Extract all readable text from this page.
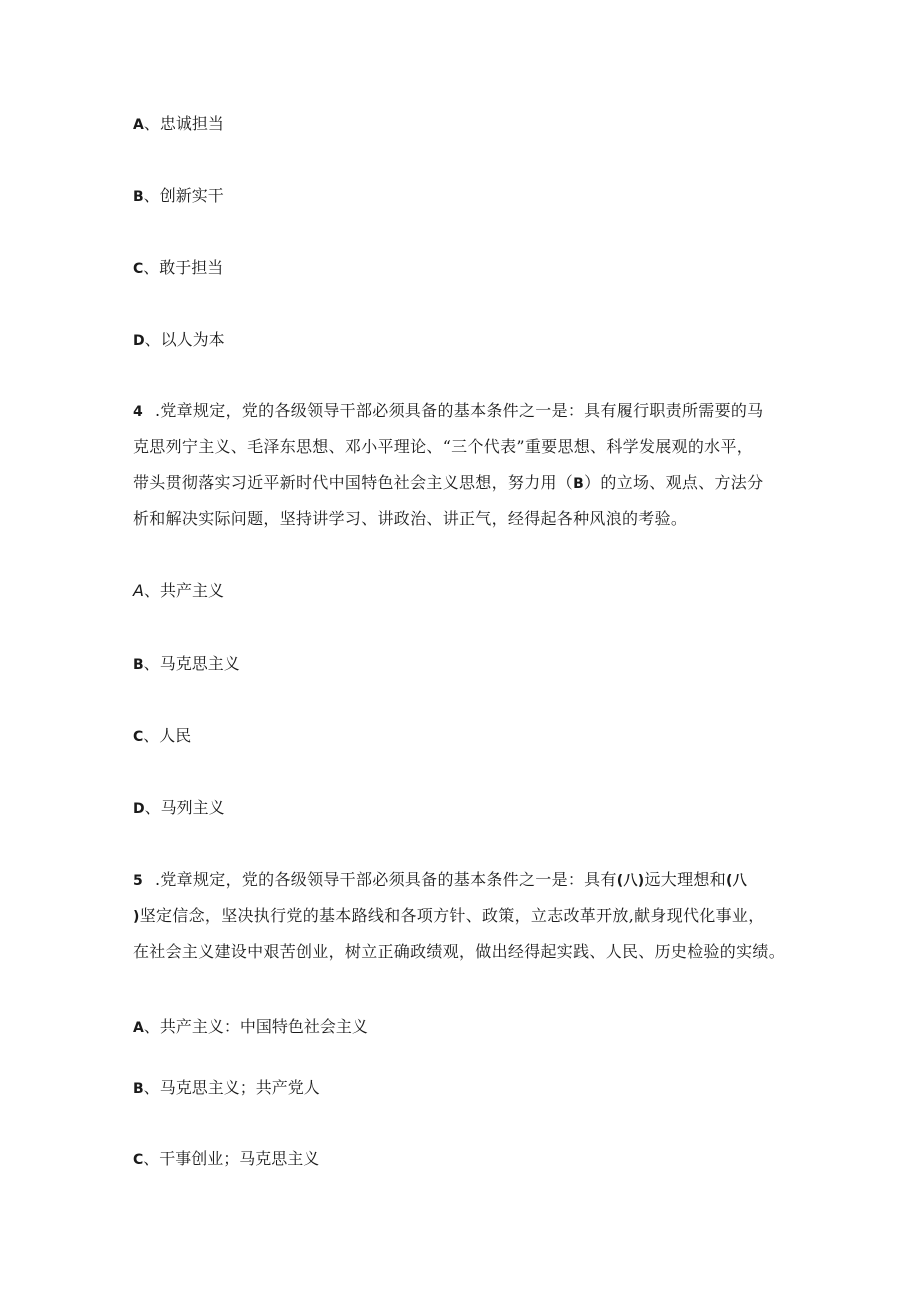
A、忠诚担当
B、创新实干
C、敢于担当
D、以人为本
4 .党章规定，党的各级领导干部必须具备的基本条件之一是：具有履行职责所需要的马
克思列宁主义、毛泽东思想、邓小平理论、“三个代表”重要思想、科学发展观的水平，
带头贯彻落实习近平新时代中国特色社会主义思想，努力用（B）的立场、观点、方法分
析和解决实际问题，坚持讲学习、讲政治、讲正气，经得起各种风浪的考验。
A、共产主义
B、马克思主义
C、人民
D、马列主义
5 .党章规定，党的各级领导干部必须具备的基本条件之一是：具有(八)远大理想和(八
)坚定信念，坚决执行党的基本路线和各项方针、政策，立志改革开放,献身现代化事业，
在社会主义建设中艰苦创业，树立正确政绩观，做出经得起实践、人民、历史检验的实绩。
A、共产主义：中国特色社会主义
B、马克思主义；共产党人
C、干事创业；马克思主义
